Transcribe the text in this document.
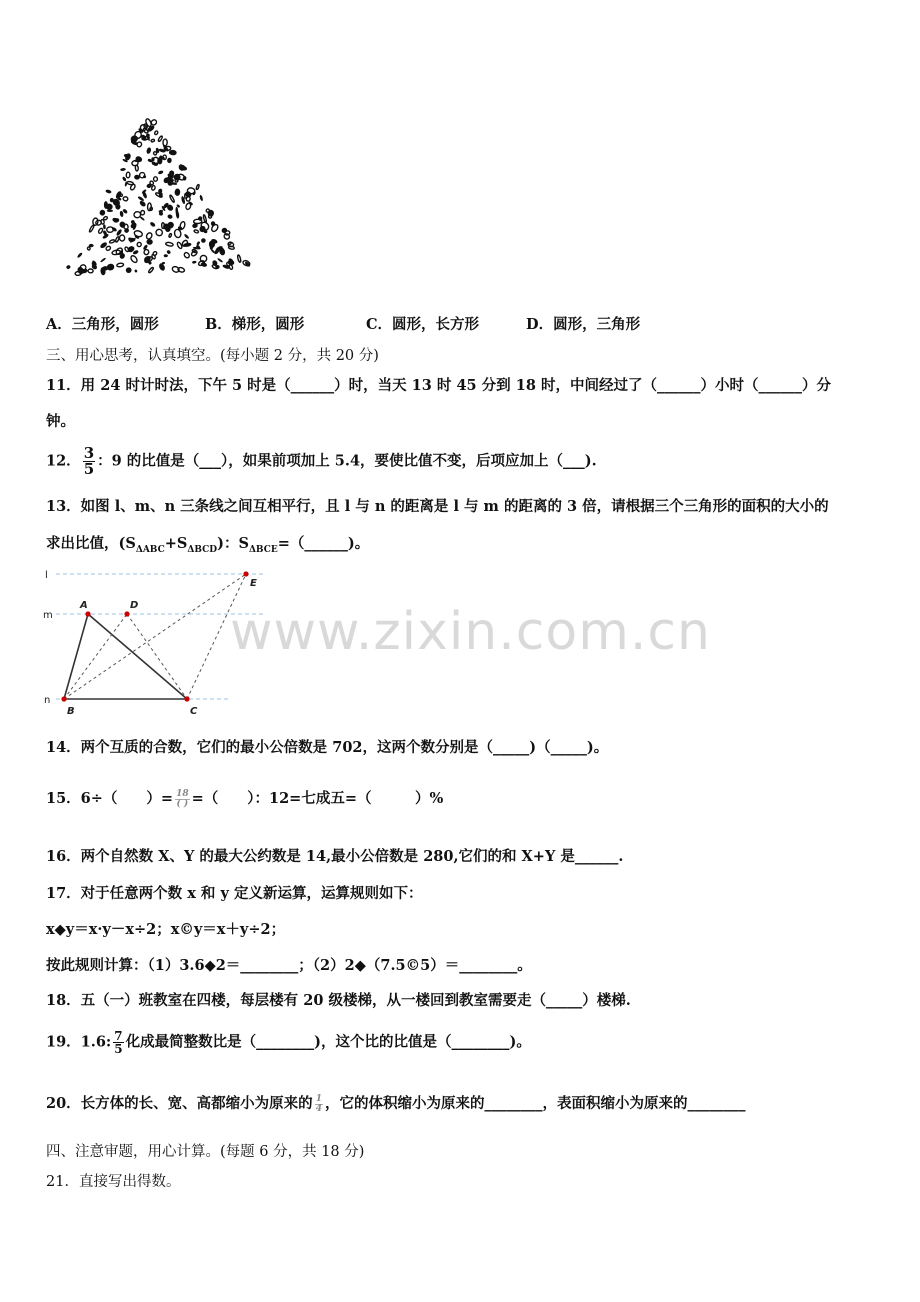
A．三角形，圆形	B．梯形，圆形	C．圆形，长方形	D．圆形，三角形
三、用心思考，认真填空。(每小题 2 分，共 20 分)
11．用 24 时计时法，下午 5 时是（______）时，当天 13 时 45 分到 18 时，中间经过了（______）小时（______）分
钟。
12． $\frac{3}{5}$ ：9 的比值是（___），如果前项加上 5.4，要使比值不变，后项应加上（___).
13．如图 l、m、n 三条线之间互相平行，且 l 与 n 的距离是 l 与 m 的距离的 3 倍，请根据三个三角形的面积的大小的
求出比值，$(S_{\Delta ABC}+S_{\Delta BCD})$：$S_{\Delta BCE}=(\_\_\_\_\_\_)$。
l
m
n
A	D
E
B	C
www.zixin.com.cn
14．两个互质的合数，它们的最小公倍数是 702，这两个数分别是（_____)（_____)。
15．6÷（　　）= $\frac{18}{( )}$ =（　　）：12=七成五=（　　　）%
16．两个自然数 X、Y 的最大公约数是 14,最小公倍数是 280,它们的和 X+Y 是______.
17．对于任意两个数 x 和 y 定义新运算，运算规则如下：
x◆y＝x·y－x÷2；x©y＝x＋y÷2；
按此规则计算：（1）3.6◆2＝________；（2）2◆（7.5©5）＝________。
18．五（一）班教室在四楼，每层楼有 20 级楼梯，从一楼回到教室需要走（_____）楼梯.
19．1.6: $\frac{7}{5}$ 化成最简整数比是（________)，这个比的比值是（________)。
20．长方体的长、宽、高都缩小为原来的 $\frac{1}{4}$ ，它的体积缩小为原来的________，表面积缩小为原来的________
四、注意审题，用心计算。(每题 6 分，共 18 分)
21．直接写出得数。
